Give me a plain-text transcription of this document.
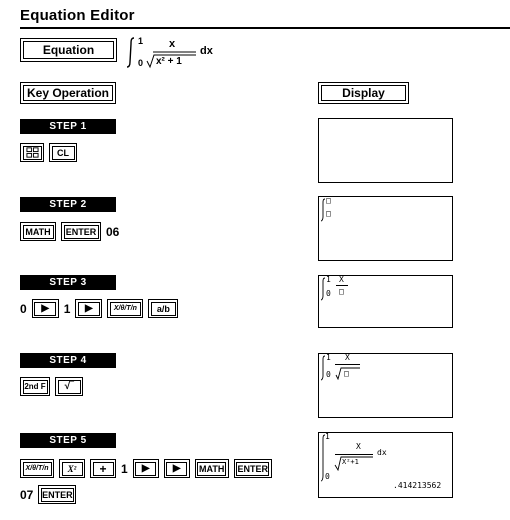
Equation Editor
Equation
1
0
x
x² + 1
dx
Key Operation	Display
STEP 1
CL
STEP 2
MATH	ENTER 06
□
□
STEP 3
0	▶	1	▶	X/θ/T/n	a/b
1
0
X
□
STEP 4
2nd F	√‾
1
0
X
□
STEP 5
X/θ/T/n	X²	+	1	▶	▶	MATH ENTER
07 ENTER
1
0
X
X²+1
dx
.414213562
